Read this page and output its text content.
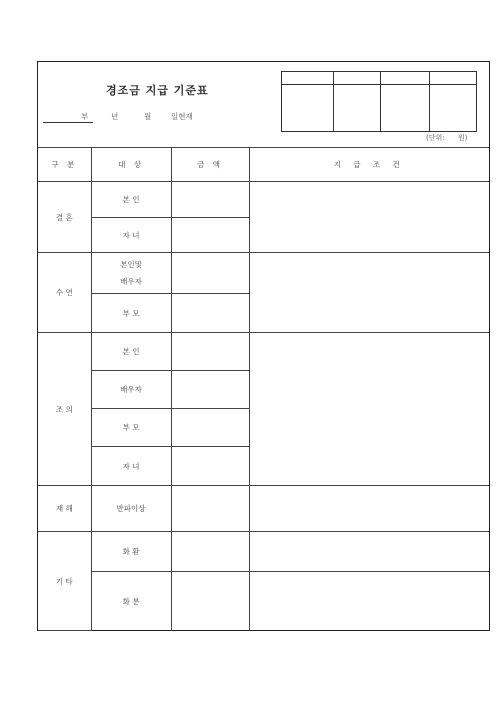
경조금 지급 기준표
부	년	월	일현재

(단위:      원)
구 분	대 상	금 액	지 급 조 건
결 혼	본 인		
	자 녀		
수 연	본인및
배우자		
	부 모		
조 의	본 인		
	배우자		
	부 모		
	자 녀		
재 해	반파이상		
기 타	화 환		
	화 분		
